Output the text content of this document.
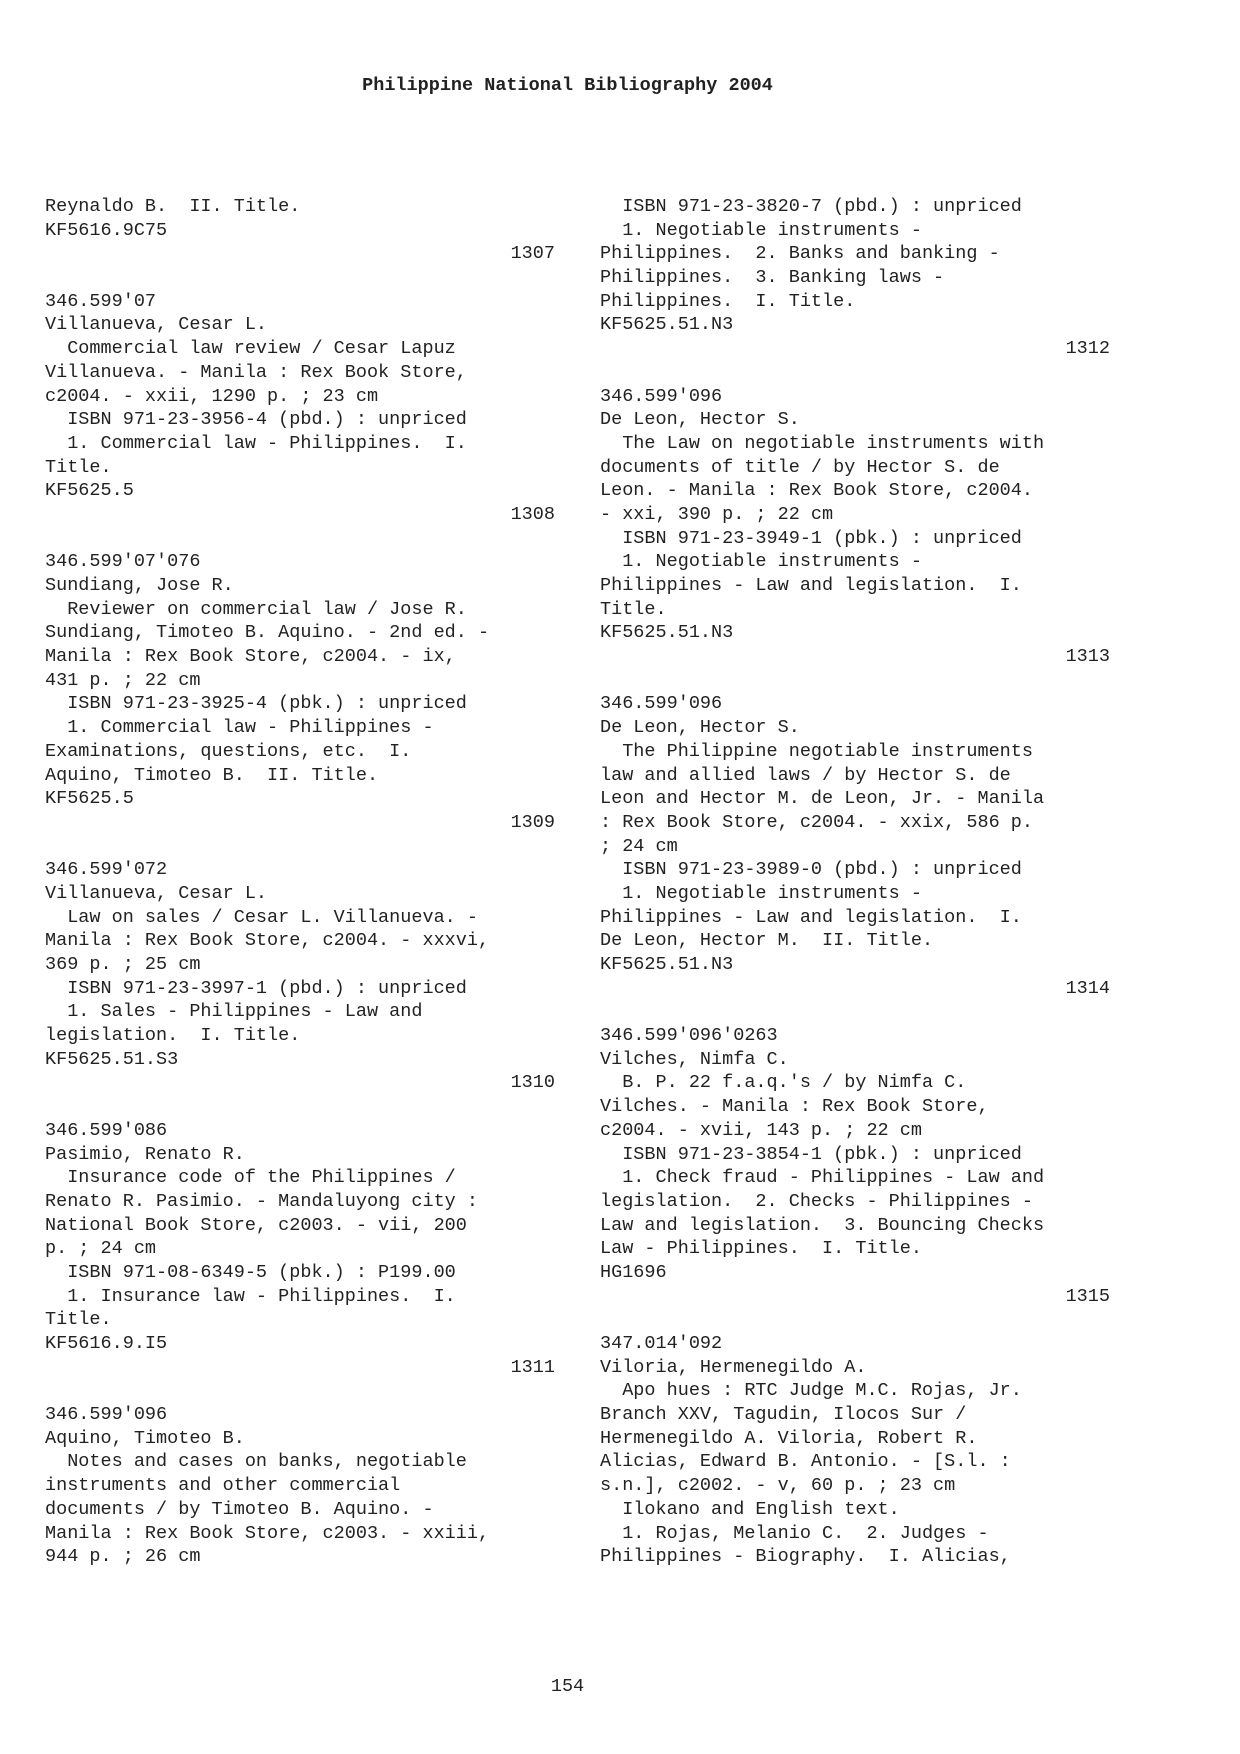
Philippine National Bibliography 2004
Reynaldo B.  II. Title.
KF5616.9C75
1307
346.599'07
Villanueva, Cesar L.
Commercial law review / Cesar Lapuz
Villanueva. - Manila : Rex Book Store,
c2004. - xxii, 1290 p. ; 23 cm
ISBN 971-23-3956-4 (pbd.) : unpriced
1. Commercial law - Philippines.  I.
Title.
KF5625.5
1308
346.599'07'076
Sundiang, Jose R.
Reviewer on commercial law / Jose R.
Sundiang, Timoteo B. Aquino. - 2nd ed. -
Manila : Rex Book Store, c2004. - ix,
431 p. ; 22 cm
ISBN 971-23-3925-4 (pbk.) : unpriced
1. Commercial law - Philippines -
Examinations, questions, etc.  I.
Aquino, Timoteo B.  II. Title.
KF5625.5
1309
346.599'072
Villanueva, Cesar L.
Law on sales / Cesar L. Villanueva. -
Manila : Rex Book Store, c2004. - xxxvi,
369 p. ; 25 cm
ISBN 971-23-3997-1 (pbd.) : unpriced
1. Sales - Philippines - Law and
legislation.  I. Title.
KF5625.51.S3
1310
346.599'086
Pasimio, Renato R.
Insurance code of the Philippines /
Renato R. Pasimio. - Mandaluyong city :
National Book Store, c2003. - vii, 200
p. ; 24 cm
ISBN 971-08-6349-5 (pbk.) : P199.00
1. Insurance law - Philippines.  I.
Title.
KF5616.9.I5
1311
346.599'096
Aquino, Timoteo B.
Notes and cases on banks, negotiable
instruments and other commercial
documents / by Timoteo B. Aquino. -
Manila : Rex Book Store, c2003. - xxiii,
944 p. ; 26 cm
ISBN 971-23-3820-7 (pbd.) : unpriced
1. Negotiable instruments -
Philippines.  2. Banks and banking -
Philippines.  3. Banking laws -
Philippines.  I. Title.
KF5625.51.N3
1312
346.599'096
De Leon, Hector S.
The Law on negotiable instruments with
documents of title / by Hector S. de
Leon. - Manila : Rex Book Store, c2004.
- xxi, 390 p. ; 22 cm
ISBN 971-23-3949-1 (pbk.) : unpriced
1. Negotiable instruments -
Philippines - Law and legislation.  I.
Title.
KF5625.51.N3
1313
346.599'096
De Leon, Hector S.
The Philippine negotiable instruments
law and allied laws / by Hector S. de
Leon and Hector M. de Leon, Jr. - Manila
: Rex Book Store, c2004. - xxix, 586 p.
; 24 cm
ISBN 971-23-3989-0 (pbd.) : unpriced
1. Negotiable instruments -
Philippines - Law and legislation.  I.
De Leon, Hector M.  II. Title.
KF5625.51.N3
1314
346.599'096'0263
Vilches, Nimfa C.
B. P. 22 f.a.q.'s / by Nimfa C.
Vilches. - Manila : Rex Book Store,
c2004. - xvii, 143 p. ; 22 cm
ISBN 971-23-3854-1 (pbk.) : unpriced
1. Check fraud - Philippines - Law and
legislation.  2. Checks - Philippines -
Law and legislation.  3. Bouncing Checks
Law - Philippines.  I. Title.
HG1696
1315
347.014'092
Viloria, Hermenegildo A.
Apo hues : RTC Judge M.C. Rojas, Jr.
Branch XXV, Tagudin, Ilocos Sur /
Hermenegildo A. Viloria, Robert R.
Alicias, Edward B. Antonio. - [S.l. :
s.n.], c2002. - v, 60 p. ; 23 cm
Ilokano and English text.
1. Rojas, Melanio C.  2. Judges -
Philippines - Biography.  I. Alicias,
154
